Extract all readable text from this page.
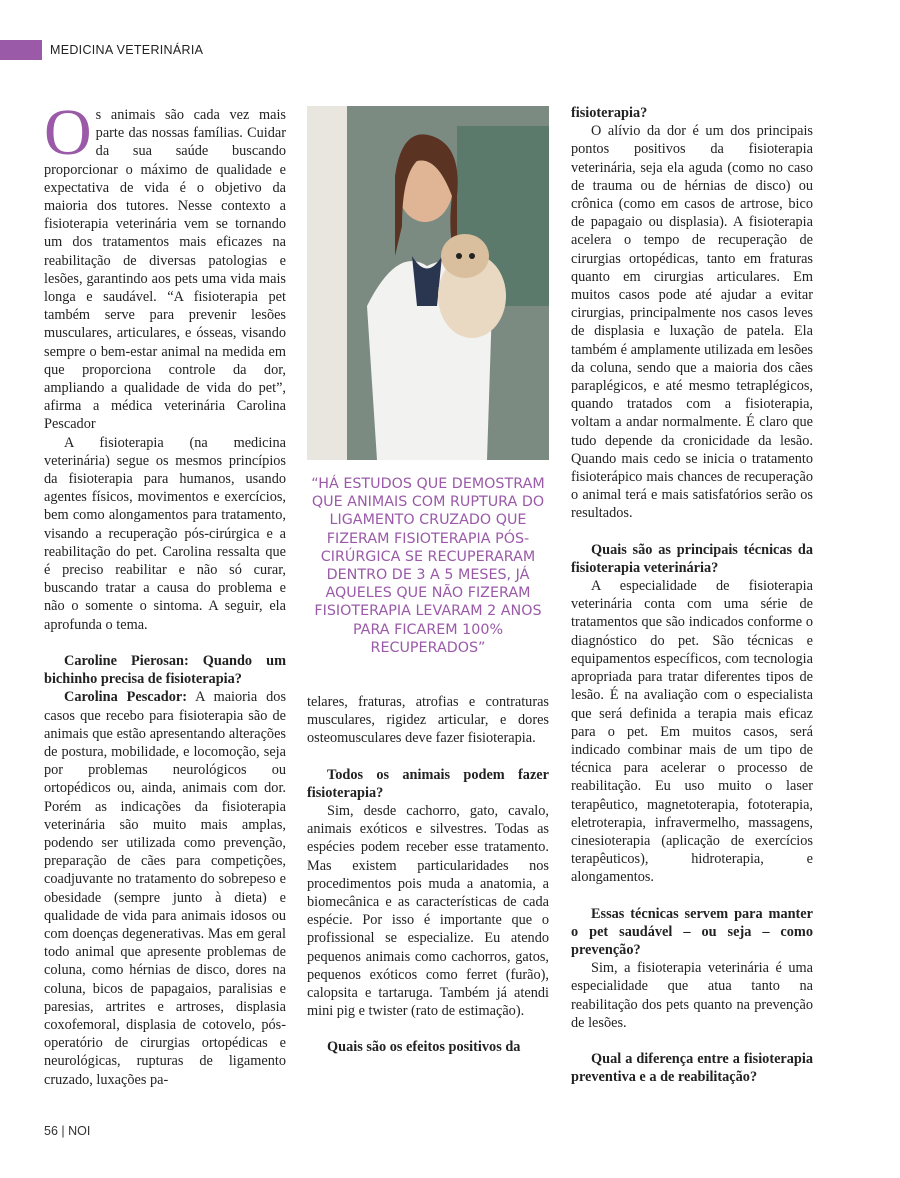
MEDICINA VETERINÁRIA

Os animais são cada vez mais parte das nossas famílias. Cuidar da sua saúde buscando proporcionar o máximo de qualidade e expectativa de vida é o objetivo da maioria dos tutores. Nesse contexto a fisioterapia veterinária vem se tornando um dos tratamentos mais eficazes na reabilitação de diversas patologias e lesões, garantindo aos pets uma vida mais longa e saudável. “A fisioterapia pet também serve para prevenir lesões musculares, articulares, e ósseas, visando sempre o bem-estar animal na medida em que proporciona controle da dor, ampliando a qualidade de vida do pet”, afirma a médica veterinária Carolina Pescador

A fisioterapia (na medicina veterinária) segue os mesmos princípios da fisioterapia para humanos, usando agentes físicos, movimentos e exercícios, bem como alongamentos para tratamento, visando a recuperação pós-cirúrgica e a reabilitação do pet. Carolina ressalta que é preciso reabilitar e não só curar, buscando tratar a causa do problema e não o somente o sintoma. A seguir, ela aprofunda o tema.

Caroline Pierosan: Quando um bichinho precisa de fisioterapia?

Carolina Pescador: A maioria dos casos que recebo para fisioterapia são de animais que estão apresentando alterações de postura, mobilidade, e locomoção, seja por problemas neurológicos ou ortopédicos ou, ainda, animais com dor. Porém as indicações da fisioterapia veterinária são muito mais amplas, podendo ser utilizada como prevenção, preparação de cães para competições, coadjuvante no tratamento do sobrepeso e obesidade (sempre junto à dieta) e qualidade de vida para animais idosos ou com doenças degenerativas. Mas em geral todo animal que apresente problemas de coluna, como hérnias de disco, dores na coluna, bicos de papagaios, paralisias e paresias, artrites e artroses, displasia coxofemoral, displasia de cotovelo, pós-operatório de cirurgias ortopédicas e neurológicas, rupturas de ligamento cruzado, luxações pa-

“HÁ ESTUDOS QUE DEMOSTRAM QUE ANIMAIS COM RUPTURA DO LIGAMENTO CRUZADO QUE FIZERAM FISIOTERAPIA PÓS-CIRÚRGICA SE RECUPERARAM DENTRO DE 3 A 5 MESES, JÁ AQUELES QUE NÃO FIZERAM FISIOTERAPIA LEVARAM 2 ANOS PARA FICAREM 100% RECUPERADOS”

telares, fraturas, atrofias e contraturas musculares, rigidez articular, e dores osteomusculares deve fazer fisioterapia.

Todos os animais podem fazer fisioterapia?

Sim, desde cachorro, gato, cavalo, animais exóticos e silvestres. Todas as espécies podem receber esse tratamento. Mas existem particularidades nos procedimentos pois muda a anatomia, a biomecânica e as características de cada espécie. Por isso é importante que o profissional se especialize. Eu atendo pequenos animais como cachorros, gatos, pequenos exóticos como ferret (furão), calopsita e tartaruga. Também já atendi mini pig e twister (rato de estimação).

Quais são os efeitos positivos da

fisioterapia?

O alívio da dor é um dos principais pontos positivos da fisioterapia veterinária, seja ela aguda (como no caso de trauma ou de hérnias de disco) ou crônica (como em casos de artrose, bico de papagaio ou displasia). A fisioterapia acelera o tempo de recuperação de cirurgias ortopédicas, tanto em fraturas quanto em cirurgias articulares. Em muitos casos pode até ajudar a evitar cirurgias, principalmente nos casos leves de displasia e luxação de patela. Ela também é amplamente utilizada em lesões da coluna, sendo que a maioria dos cães paraplégicos, e até mesmo tetraplégicos, quando tratados com a fisioterapia, voltam a andar normalmente. É claro que tudo depende da cronicidade da lesão. Quando mais cedo se inicia o tratamento fisioterápico mais chances de recuperação o animal terá e mais satisfatórios serão os resultados.

Quais são as principais técnicas da fisioterapia veterinária?

A especialidade de fisioterapia veterinária conta com uma série de tratamentos que são indicados conforme o diagnóstico do pet. São técnicas e equipamentos específicos, com tecnologia apropriada para tratar diferentes tipos de lesão. É na avaliação com o especialista que será definida a terapia mais eficaz para o pet. Em muitos casos, será indicado combinar mais de um tipo de técnica para acelerar o processo de reabilitação. Eu uso muito o laser terapêutico, magnetoterapia, fototerapia, eletroterapia, infravermelho, massagens, cinesioterapia (aplicação de exercícios terapêuticos), hidroterapia, e alongamentos.

Essas técnicas servem para manter o pet saudável – ou seja – como prevenção?

Sim, a fisioterapia veterinária é uma especialidade que atua tanto na reabilitação dos pets quanto na prevenção de lesões.

Qual a diferença entre a fisioterapia preventiva e a de reabilitação?

56 | NOI
